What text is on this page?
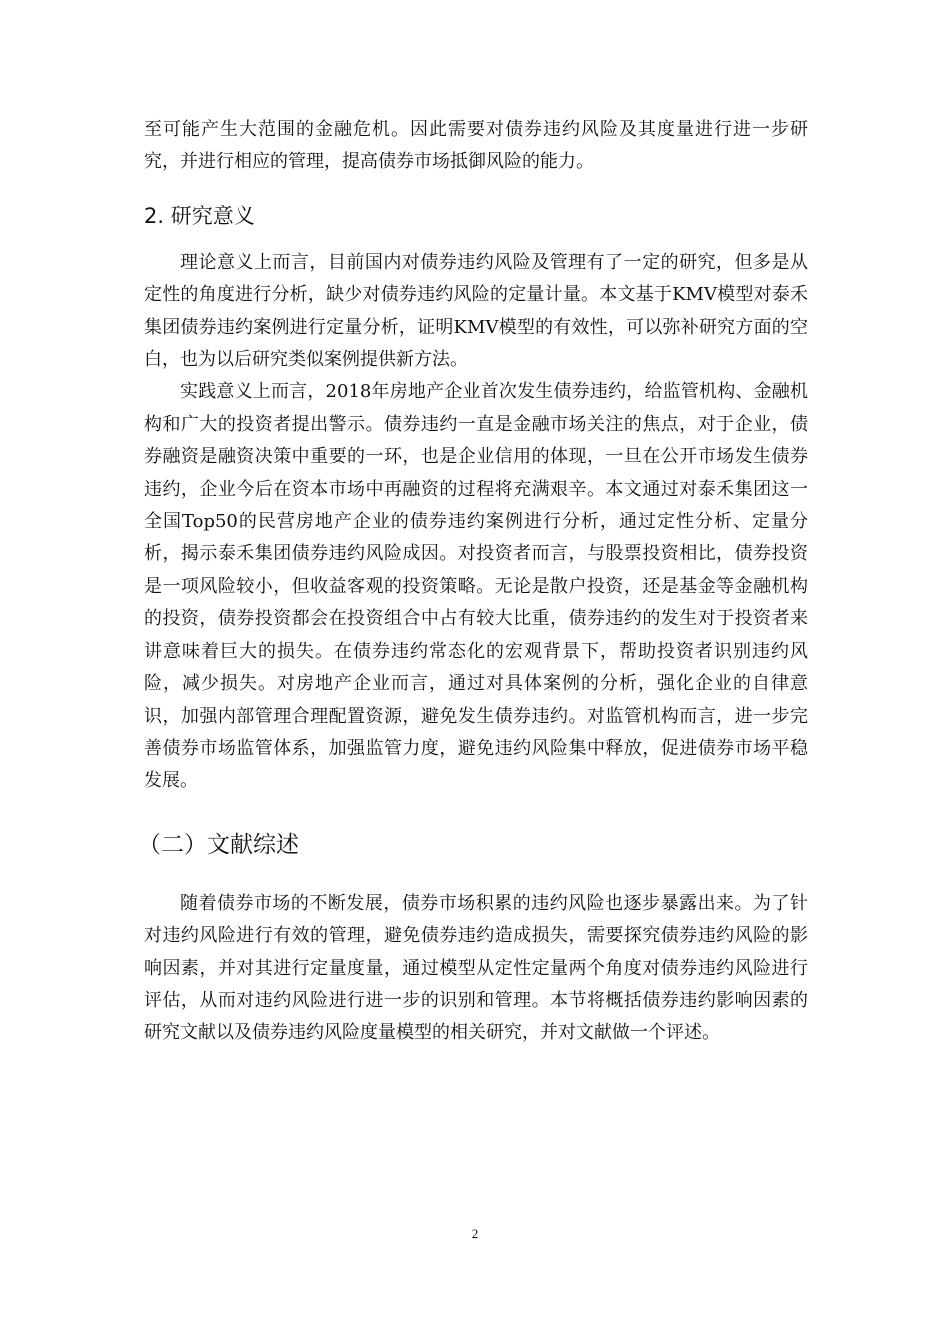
至可能产生大范围的金融危机。因此需要对债券违约风险及其度量进行进一步研究，并进行相应的管理，提高债券市场抵御风险的能力。

2. 研究意义

理论意义上而言，目前国内对债券违约风险及管理有了一定的研究，但多是从定性的角度进行分析，缺少对债券违约风险的定量计量。本文基于KMV模型对泰禾集团债券违约案例进行定量分析，证明KMV模型的有效性，可以弥补研究方面的空白，也为以后研究类似案例提供新方法。

实践意义上而言，2018年房地产企业首次发生债券违约，给监管机构、金融机构和广大的投资者提出警示。债券违约一直是金融市场关注的焦点，对于企业，债券融资是融资决策中重要的一环，也是企业信用的体现，一旦在公开市场发生债券违约，企业今后在资本市场中再融资的过程将充满艰辛。本文通过对泰禾集团这一全国Top50的民营房地产企业的债券违约案例进行分析，通过定性分析、定量分析，揭示泰禾集团债券违约风险成因。对投资者而言，与股票投资相比，债券投资是一项风险较小，但收益客观的投资策略。无论是散户投资，还是基金等金融机构的投资，债券投资都会在投资组合中占有较大比重，债券违约的发生对于投资者来讲意味着巨大的损失。在债券违约常态化的宏观背景下，帮助投资者识别违约风险，减少损失。对房地产企业而言，通过对具体案例的分析，强化企业的自律意识，加强内部管理合理配置资源，避免发生债券违约。对监管机构而言，进一步完善债券市场监管体系，加强监管力度，避免违约风险集中释放，促进债券市场平稳发展。

（二）文献综述

随着债券市场的不断发展，债券市场积累的违约风险也逐步暴露出来。为了针对违约风险进行有效的管理，避免债券违约造成损失，需要探究债券违约风险的影响因素，并对其进行定量度量，通过模型从定性定量两个角度对债券违约风险进行评估，从而对违约风险进行进一步的识别和管理。本节将概括债券违约影响因素的研究文献以及债券违约风险度量模型的相关研究，并对文献做一个评述。

2
